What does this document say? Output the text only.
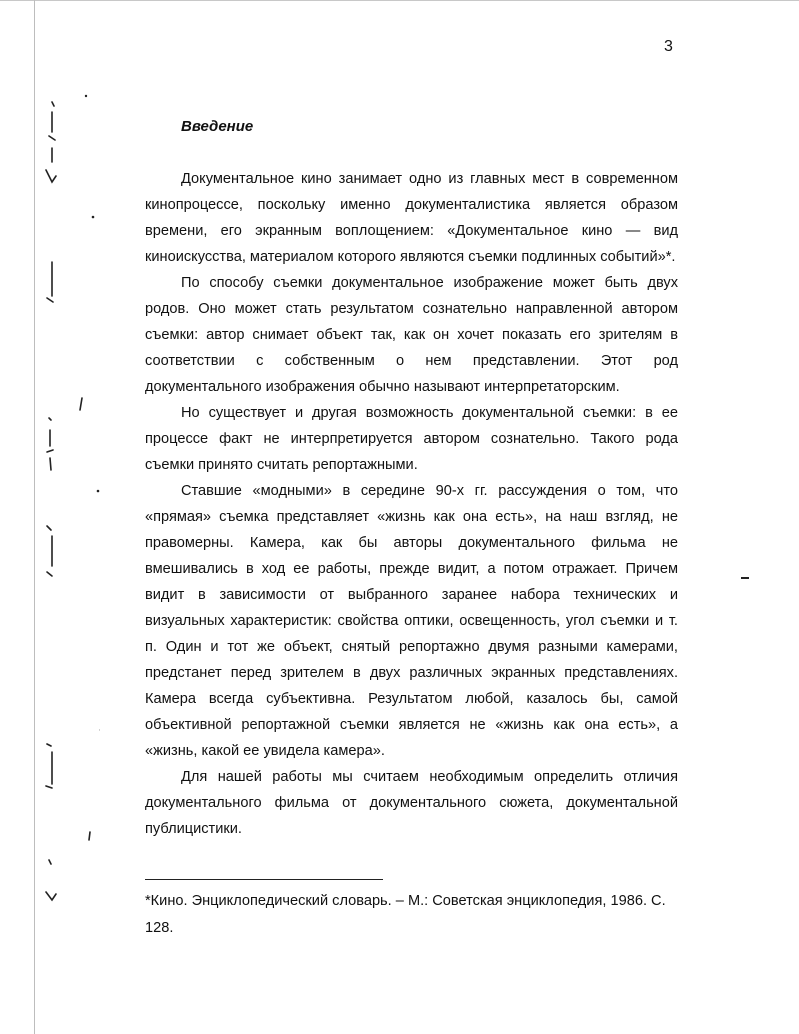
3
Введение

Документальное кино занимает одно из главных мест в современном кинопроцессе, поскольку именно документалистика является образом времени, его экранным воплощением: «Документальное кино — вид киноискусства, материалом которого являются съемки подлинных событий»*.

По способу съемки документальное изображение может быть двух родов. Оно может стать результатом сознательно направленной автором съемки: автор снимает объект так, как он хочет показать его зрителям в соответствии с собственным о нем представлении. Этот род документального изображения обычно называют интерпретаторским.

Но существует и другая возможность документальной съемки: в ее процессе факт не интерпретируется автором сознательно. Такого рода съемки принято считать репортажными.

Ставшие «модными» в середине 90-х гг. рассуждения о том, что «прямая» съемка представляет «жизнь как она есть», на наш взгляд, не правомерны. Камера, как бы авторы документального фильма не вмешивались в ход ее работы, прежде видит, а потом отражает. Причем видит в зависимости от выбранного заранее набора технических и визуальных характеристик: свойства оптики, освещенность, угол съемки и т. п. Один и тот же объект, снятый репортажно двумя разными камерами, предстанет перед зрителем в двух различных экранных представлениях. Камера всегда субъективна. Результатом любой, казалось бы, самой объективной репортажной съемки является не «жизнь как она есть», а «жизнь, какой ее увидела камера».

Для нашей работы мы считаем необходимым определить отличия документального фильма от документального сюжета, документальной публицистики.

*Кино. Энциклопедический словарь. – М.: Советская энциклопедия, 1986. С. 128.
